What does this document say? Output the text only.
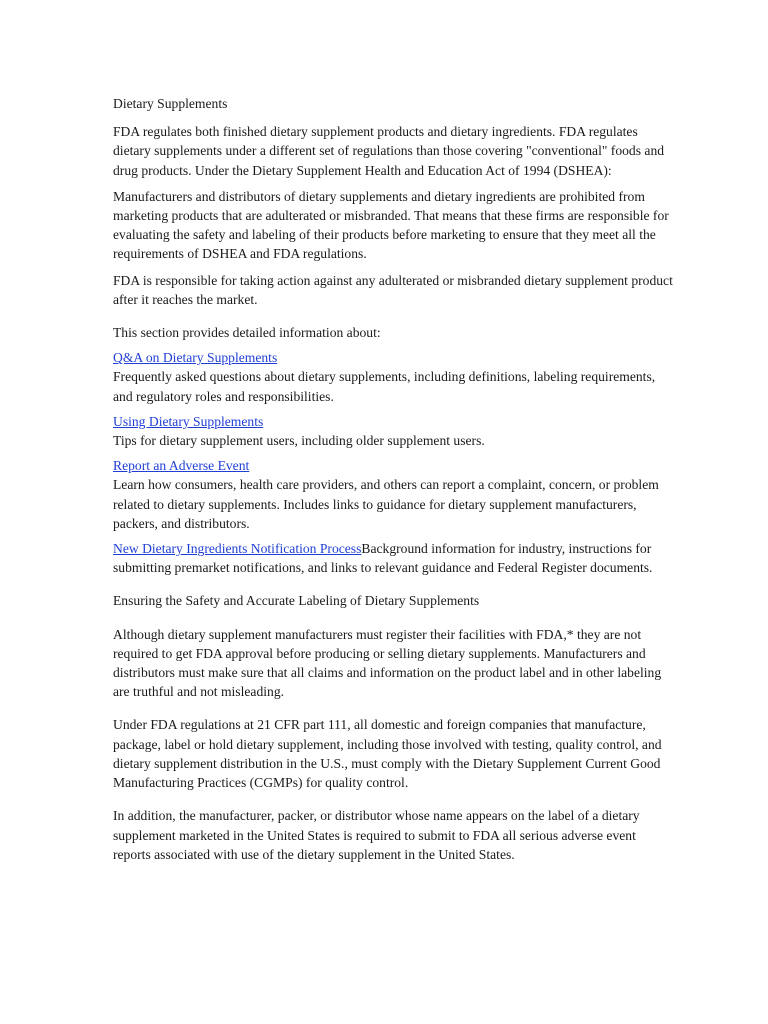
Dietary Supplements

FDA regulates both finished dietary supplement products and dietary ingredients. FDA regulates dietary supplements under a different set of regulations than those covering "conventional" foods and drug products. Under the Dietary Supplement Health and Education Act of 1994 (DSHEA):

Manufacturers and distributors of dietary supplements and dietary ingredients are prohibited from marketing products that are adulterated or misbranded. That means that these firms are responsible for evaluating the safety and labeling of their products before marketing to ensure that they meet all the requirements of DSHEA and FDA regulations.

FDA is responsible for taking action against any adulterated or misbranded dietary supplement product after it reaches the market.

This section provides detailed information about:

Q&A on Dietary Supplements

Frequently asked questions about dietary supplements, including definitions, labeling requirements, and regulatory roles and responsibilities.

Using Dietary Supplements

Tips for dietary supplement users, including older supplement users.

Report an Adverse Event

Learn how consumers, health care providers, and others can report a complaint, concern, or problem related to dietary supplements. Includes links to guidance for dietary supplement manufacturers, packers, and distributors.

New Dietary Ingredients Notification ProcessBackground information for industry, instructions for submitting premarket notifications, and links to relevant guidance and Federal Register documents.

Ensuring the Safety and Accurate Labeling of Dietary Supplements

Although dietary supplement manufacturers must register their facilities with FDA,* they are not required to get FDA approval before producing or selling dietary supplements. Manufacturers and distributors must make sure that all claims and information on the product label and in other labeling are truthful and not misleading.

Under FDA regulations at 21 CFR part 111, all domestic and foreign companies that manufacture, package, label or hold dietary supplement, including those involved with testing, quality control, and dietary supplement distribution in the U.S., must comply with the Dietary Supplement Current Good Manufacturing Practices (CGMPs) for quality control.

In addition, the manufacturer, packer, or distributor whose name appears on the label of a dietary supplement marketed in the United States is required to submit to FDA all serious adverse event reports associated with use of the dietary supplement in the United States.
